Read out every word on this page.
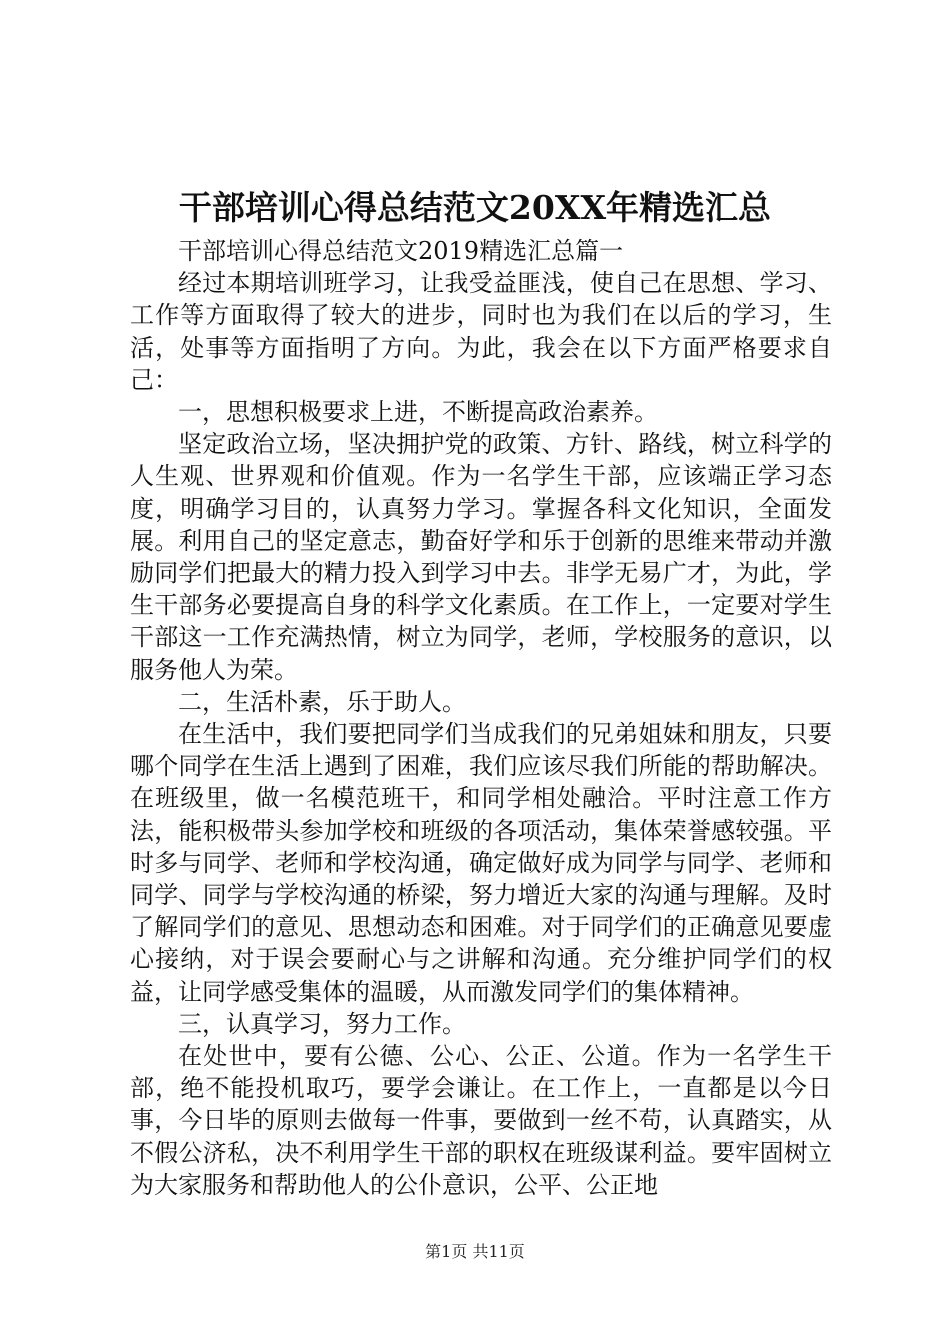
干部培训心得总结范文20XX年精选汇总

干部培训心得总结范文2019精选汇总篇一

经过本期培训班学习，让我受益匪浅，使自己在思想、学习、工作等方面取得了较大的进步，同时也为我们在以后的学习，生活，处事等方面指明了方向。为此，我会在以下方面严格要求自己：

一，思想积极要求上进，不断提高政治素养。

坚定政治立场，坚决拥护党的政策、方针、路线，树立科学的人生观、世界观和价值观。作为一名学生干部，应该端正学习态度，明确学习目的，认真努力学习。掌握各科文化知识，全面发展。利用自己的坚定意志，勤奋好学和乐于创新的思维来带动并激励同学们把最大的精力投入到学习中去。非学无易广才，为此，学生干部务必要提高自身的科学文化素质。在工作上，一定要对学生干部这一工作充满热情，树立为同学，老师，学校服务的意识，以服务他人为荣。

二，生活朴素，乐于助人。

在生活中，我们要把同学们当成我们的兄弟姐妹和朋友，只要哪个同学在生活上遇到了困难，我们应该尽我们所能的帮助解决。在班级里，做一名模范班干，和同学相处融洽。平时注意工作方法，能积极带头参加学校和班级的各项活动，集体荣誉感较强。平时多与同学、老师和学校沟通，确定做好成为同学与同学、老师和同学、同学与学校沟通的桥梁，努力增近大家的沟通与理解。及时了解同学们的意见、思想动态和困难。对于同学们的正确意见要虚心接纳，对于误会要耐心与之讲解和沟通。充分维护同学们的权益，让同学感受集体的温暖，从而激发同学们的集体精神。

三，认真学习，努力工作。

在处世中，要有公德、公心、公正、公道。作为一名学生干部，绝不能投机取巧，要学会谦让。在工作上，一直都是以今日事，今日毕的原则去做每一件事，要做到一丝不苟，认真踏实，从不假公济私，决不利用学生干部的职权在班级谋利益。要牢固树立为大家服务和帮助他人的公仆意识，公平、公正地

第1页 共11页
